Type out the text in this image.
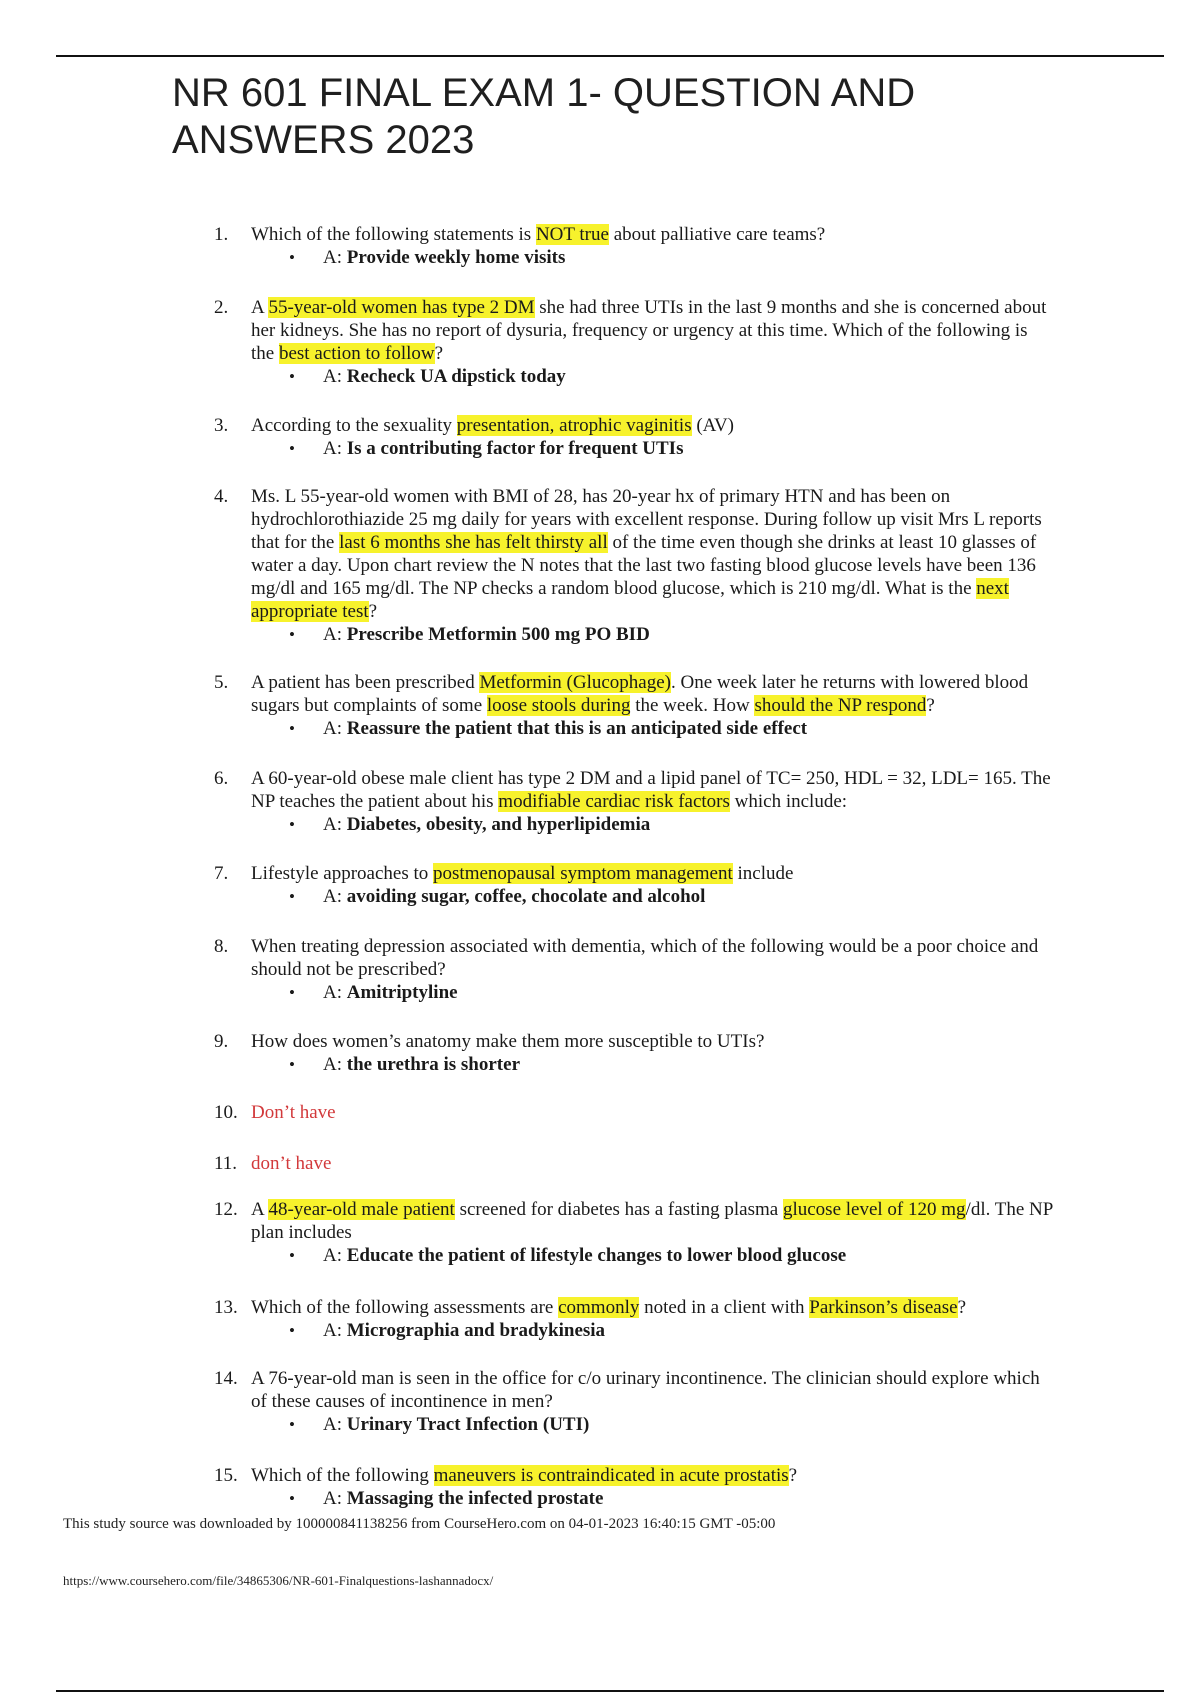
NR 601 FINAL EXAM 1- QUESTION AND
ANSWERS 2023
1.	Which of the following statements is NOT true about palliative care teams?
• A: Provide weekly home visits
2.	A 55-year-old women has type 2 DM she had three UTIs in the last 9 months and she is concerned about her kidneys. She has no report of dysuria, frequency or urgency at this time. Which of the following is the best action to follow?
• A: Recheck UA dipstick today
3.	According to the sexuality presentation, atrophic vaginitis (AV)
• A: Is a contributing factor for frequent UTIs
4.	Ms. L 55-year-old women with BMI of 28, has 20-year hx of primary HTN and has been on hydrochlorothiazide 25 mg daily for years with excellent response. During follow up visit Mrs L reports that for the last 6 months she has felt thirsty all of the time even though she drinks at least 10 glasses of water a day. Upon chart review the N notes that the last two fasting blood glucose levels have been 136 mg/dl and 165 mg/dl. The NP checks a random blood glucose, which is 210 mg/dl. What is the next appropriate test?
• A: Prescribe Metformin 500 mg PO BID
5.	A patient has been prescribed Metformin (Glucophage). One week later he returns with lowered blood sugars but complaints of some loose stools during the week. How should the NP respond?
• A: Reassure the patient that this is an anticipated side effect
6.	A 60-year-old obese male client has type 2 DM and a lipid panel of TC= 250, HDL = 32, LDL= 165. The NP teaches the patient about his modifiable cardiac risk factors which include:
• A: Diabetes, obesity, and hyperlipidemia
7.	Lifestyle approaches to postmenopausal symptom management include
• A: avoiding sugar, coffee, chocolate and alcohol
8.	When treating depression associated with dementia, which of the following would be a poor choice and should not be prescribed?
• A: Amitriptyline
9.	How does women’s anatomy make them more susceptible to UTIs?
• A: the urethra is shorter
10. Don’t have
11. don’t have
12. A 48-year-old male patient screened for diabetes has a fasting plasma glucose level of 120 mg/dl. The NP plan includes
• A: Educate the patient of lifestyle changes to lower blood glucose
13. Which of the following assessments are commonly noted in a client with Parkinson’s disease?
• A: Micrographia and bradykinesia
14. A 76-year-old man is seen in the office for c/o urinary incontinence. The clinician should explore which of these causes of incontinence in men?
• A: Urinary Tract Infection (UTI)
15. Which of the following maneuvers is contraindicated in acute prostatis?
• A: Massaging the infected prostate
This study source was downloaded by 100000841138256 from CourseHero.com on 04-01-2023 16:40:15 GMT -05:00
https://www.coursehero.com/file/34865306/NR-601-Finalquestions-lashannadocx/
